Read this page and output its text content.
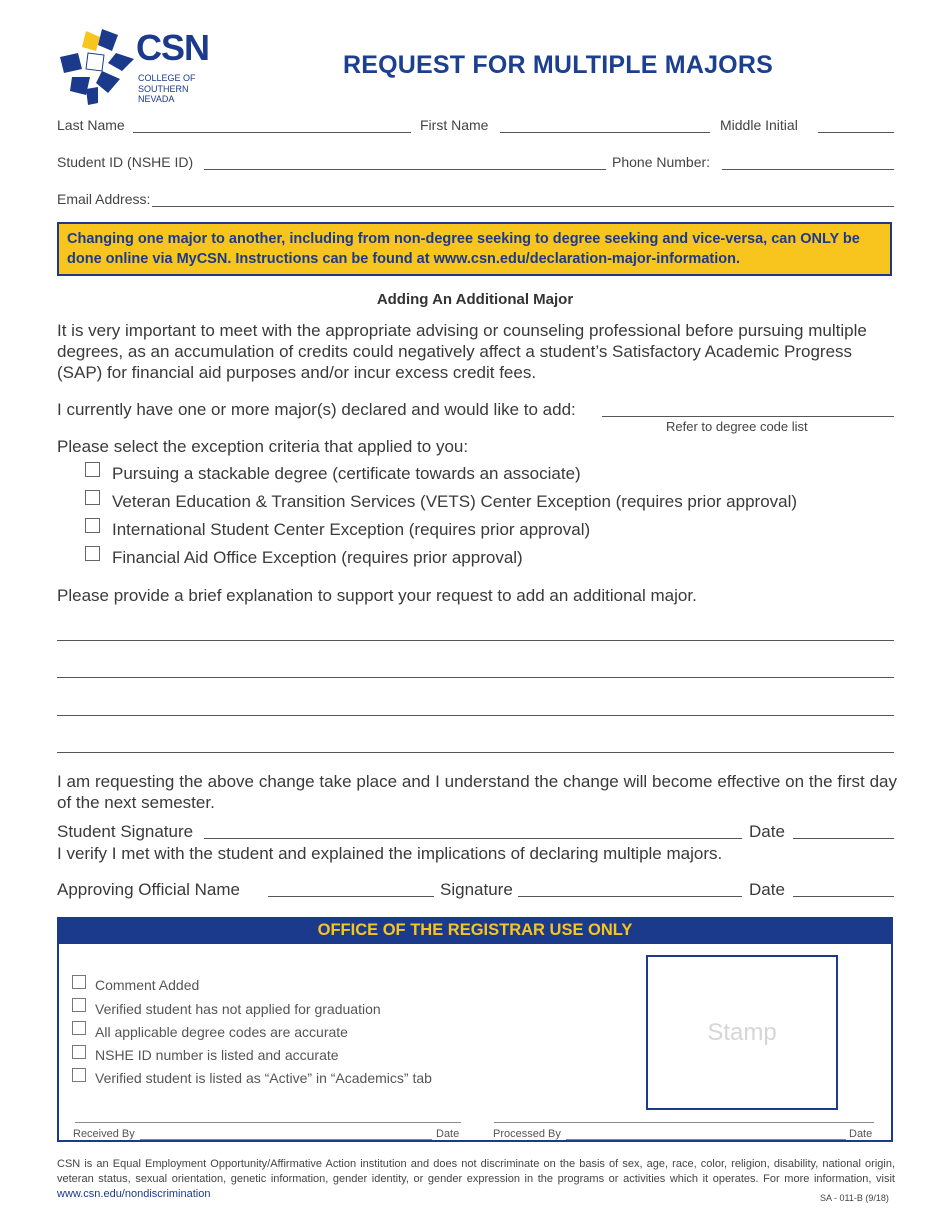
CSN
COLLEGE OF
SOUTHERN NEVADA
REQUEST FOR MULTIPLE MAJORS
Last Name	First Name	Middle Initial
Student ID (NSHE ID)	Phone Number:
Email Address:
Changing one major to another, including from non-degree seeking to degree seeking and vice-versa, can ONLY be done online via MyCSN. Instructions can be found at www.csn.edu/declaration-major-information.
Adding An Additional Major
It is very important to meet with the appropriate advising or counseling professional before pursuing multiple degrees, as an accumulation of credits could negatively affect a student’s Satisfactory Academic Progress (SAP) for financial aid purposes and/or incur excess credit fees.
I currently have one or more major(s) declared and would like to add:
Refer to degree code list
Please select the exception criteria that applied to you:
Pursuing a stackable degree (certificate towards an associate)
Veteran Education & Transition Services (VETS) Center Exception (requires prior approval)
International Student Center Exception (requires prior approval)
Financial Aid Office Exception (requires prior approval)
Please provide a brief explanation to support your request to add an additional major.
I am requesting the above change take place and I understand the change will become effective on the first day of the next semester.
Student Signature	Date
I verify I met with the student and explained the implications of declaring multiple majors.
Approving Official Name	Signature	Date
OFFICE OF THE REGISTRAR USE ONLY
Comment Added
Verified student has not applied for graduation
All applicable degree codes are accurate
NSHE ID number is listed and accurate
Verified student is listed as “Active” in “Academics” tab
Stamp
Received By	Date	Processed By	Date
CSN is an Equal Employment Opportunity/Affirmative Action institution and does not discriminate on the basis of sex, age, race, color, religion, disability, national origin, veteran status, sexual orientation, genetic information, gender identity, or gender expression in the programs or activities which it operates. For more information, visit www.csn.edu/nondiscrimination	SA - 011-B (9/18)
